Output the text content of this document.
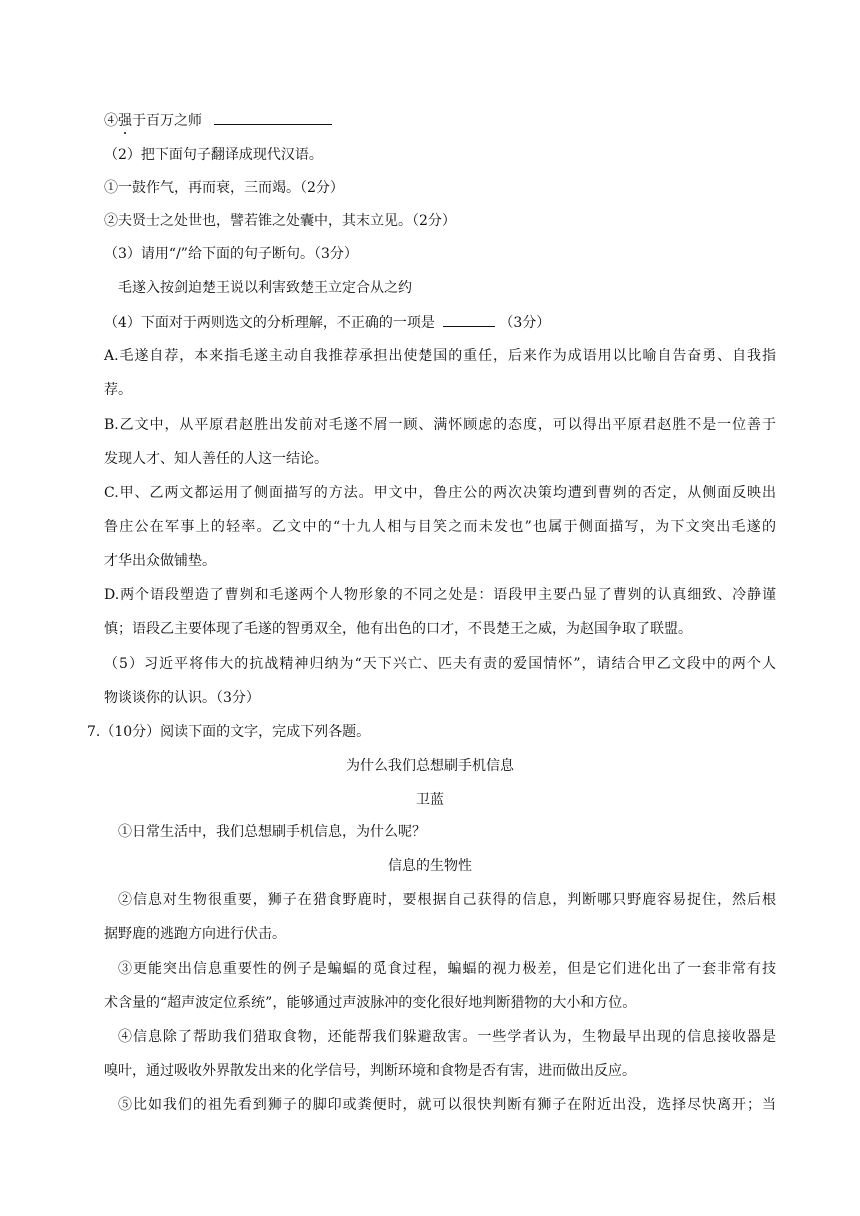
④强于百万之师
（2）把下面句子翻译成现代汉语。
①一鼓作气，再而衰，三而竭。（2分）
②夫贤士之处世也，譬若锥之处囊中，其末立见。（2分）
（3）请用“/”给下面的句子断句。（3分）
毛遂入按剑迫楚王说以利害致楚王立定合从之约
（4）下面对于两则选文的分析理解，不正确的一项是	（3分）
A.毛遂自荐，本来指毛遂主动自我推荐承担出使楚国的重任，后来作为成语用以比喻自告奋勇、自我指
荐。
B.乙文中，从平原君赵胜出发前对毛遂不屑一顾、满怀顾虑的态度，可以得出平原君赵胜不是一位善于
发现人才、知人善任的人这一结论。
C.甲、乙两文都运用了侧面描写的方法。甲文中，鲁庄公的两次决策均遭到曹刿的否定，从侧面反映出
鲁庄公在军事上的轻率。乙文中的“十九人相与目笑之而未发也”也属于侧面描写，为下文突出毛遂的
才华出众做铺垫。
D.两个语段塑造了曹刿和毛遂两个人物形象的不同之处是：语段甲主要凸显了曹刿的认真细致、冷静谨
慎；语段乙主要体现了毛遂的智勇双全，他有出色的口才，不畏楚王之威，为赵国争取了联盟。
（5）习近平将伟大的抗战精神归纳为“天下兴亡、匹夫有责的爱国情怀”，请结合甲乙文段中的两个人
物谈谈你的认识。（3分）
7.（10分）阅读下面的文字，完成下列各题。
为什么我们总想刷手机信息
卫蓝
①日常生活中，我们总想刷手机信息，为什么呢？
信息的生物性
②信息对生物很重要，狮子在猎食野鹿时，要根据自己获得的信息，判断哪只野鹿容易捉住，然后根
据野鹿的逃跑方向进行伏击。
③更能突出信息重要性的例子是蝙蝠的觅食过程，蝙蝠的视力极差，但是它们进化出了一套非常有技
术含量的“超声波定位系统”，能够通过声波脉冲的变化很好地判断猎物的大小和方位。
④信息除了帮助我们猎取食物，还能帮我们躲避敌害。一些学者认为，生物最早出现的信息接收器是
嗅叶，通过吸收外界散发出来的化学信号，判断环境和食物是否有害，进而做出反应。
⑤比如我们的祖先看到狮子的脚印或粪便时，就可以很快判断有狮子在附近出没，选择尽快离开；当
